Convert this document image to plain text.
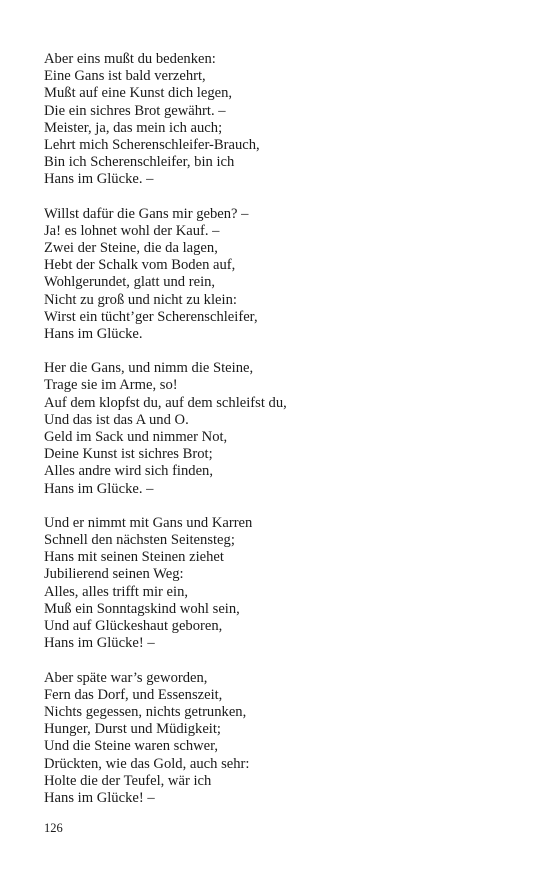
Aber eins mußt du bedenken:
Eine Gans ist bald verzehrt,
Mußt auf eine Kunst dich legen,
Die ein sichres Brot gewährt. –
Meister, ja, das mein ich auch;
Lehrt mich Scherenschleifer-Brauch,
Bin ich Scherenschleifer, bin ich
Hans im Glücke. –
Willst dafür die Gans mir geben? –
Ja! es lohnet wohl der Kauf. –
Zwei der Steine, die da lagen,
Hebt der Schalk vom Boden auf,
Wohlgerundet, glatt und rein,
Nicht zu groß und nicht zu klein:
Wirst ein tücht’ger Scherenschleifer,
Hans im Glücke.
Her die Gans, und nimm die Steine,
Trage sie im Arme, so!
Auf dem klopfst du, auf dem schleifst du,
Und das ist das A und O.
Geld im Sack und nimmer Not,
Deine Kunst ist sichres Brot;
Alles andre wird sich finden,
Hans im Glücke. –
Und er nimmt mit Gans und Karren
Schnell den nächsten Seitensteg;
Hans mit seinen Steinen ziehet
Jubilierend seinen Weg:
Alles, alles trifft mir ein,
Muß ein Sonntagskind wohl sein,
Und auf Glückeshaut geboren,
Hans im Glücke! –
Aber späte war’s geworden,
Fern das Dorf, und Essenszeit,
Nichts gegessen, nichts getrunken,
Hunger, Durst und Müdigkeit;
Und die Steine waren schwer,
Drückten, wie das Gold, auch sehr:
Holte die der Teufel, wär ich
Hans im Glücke! –
126
